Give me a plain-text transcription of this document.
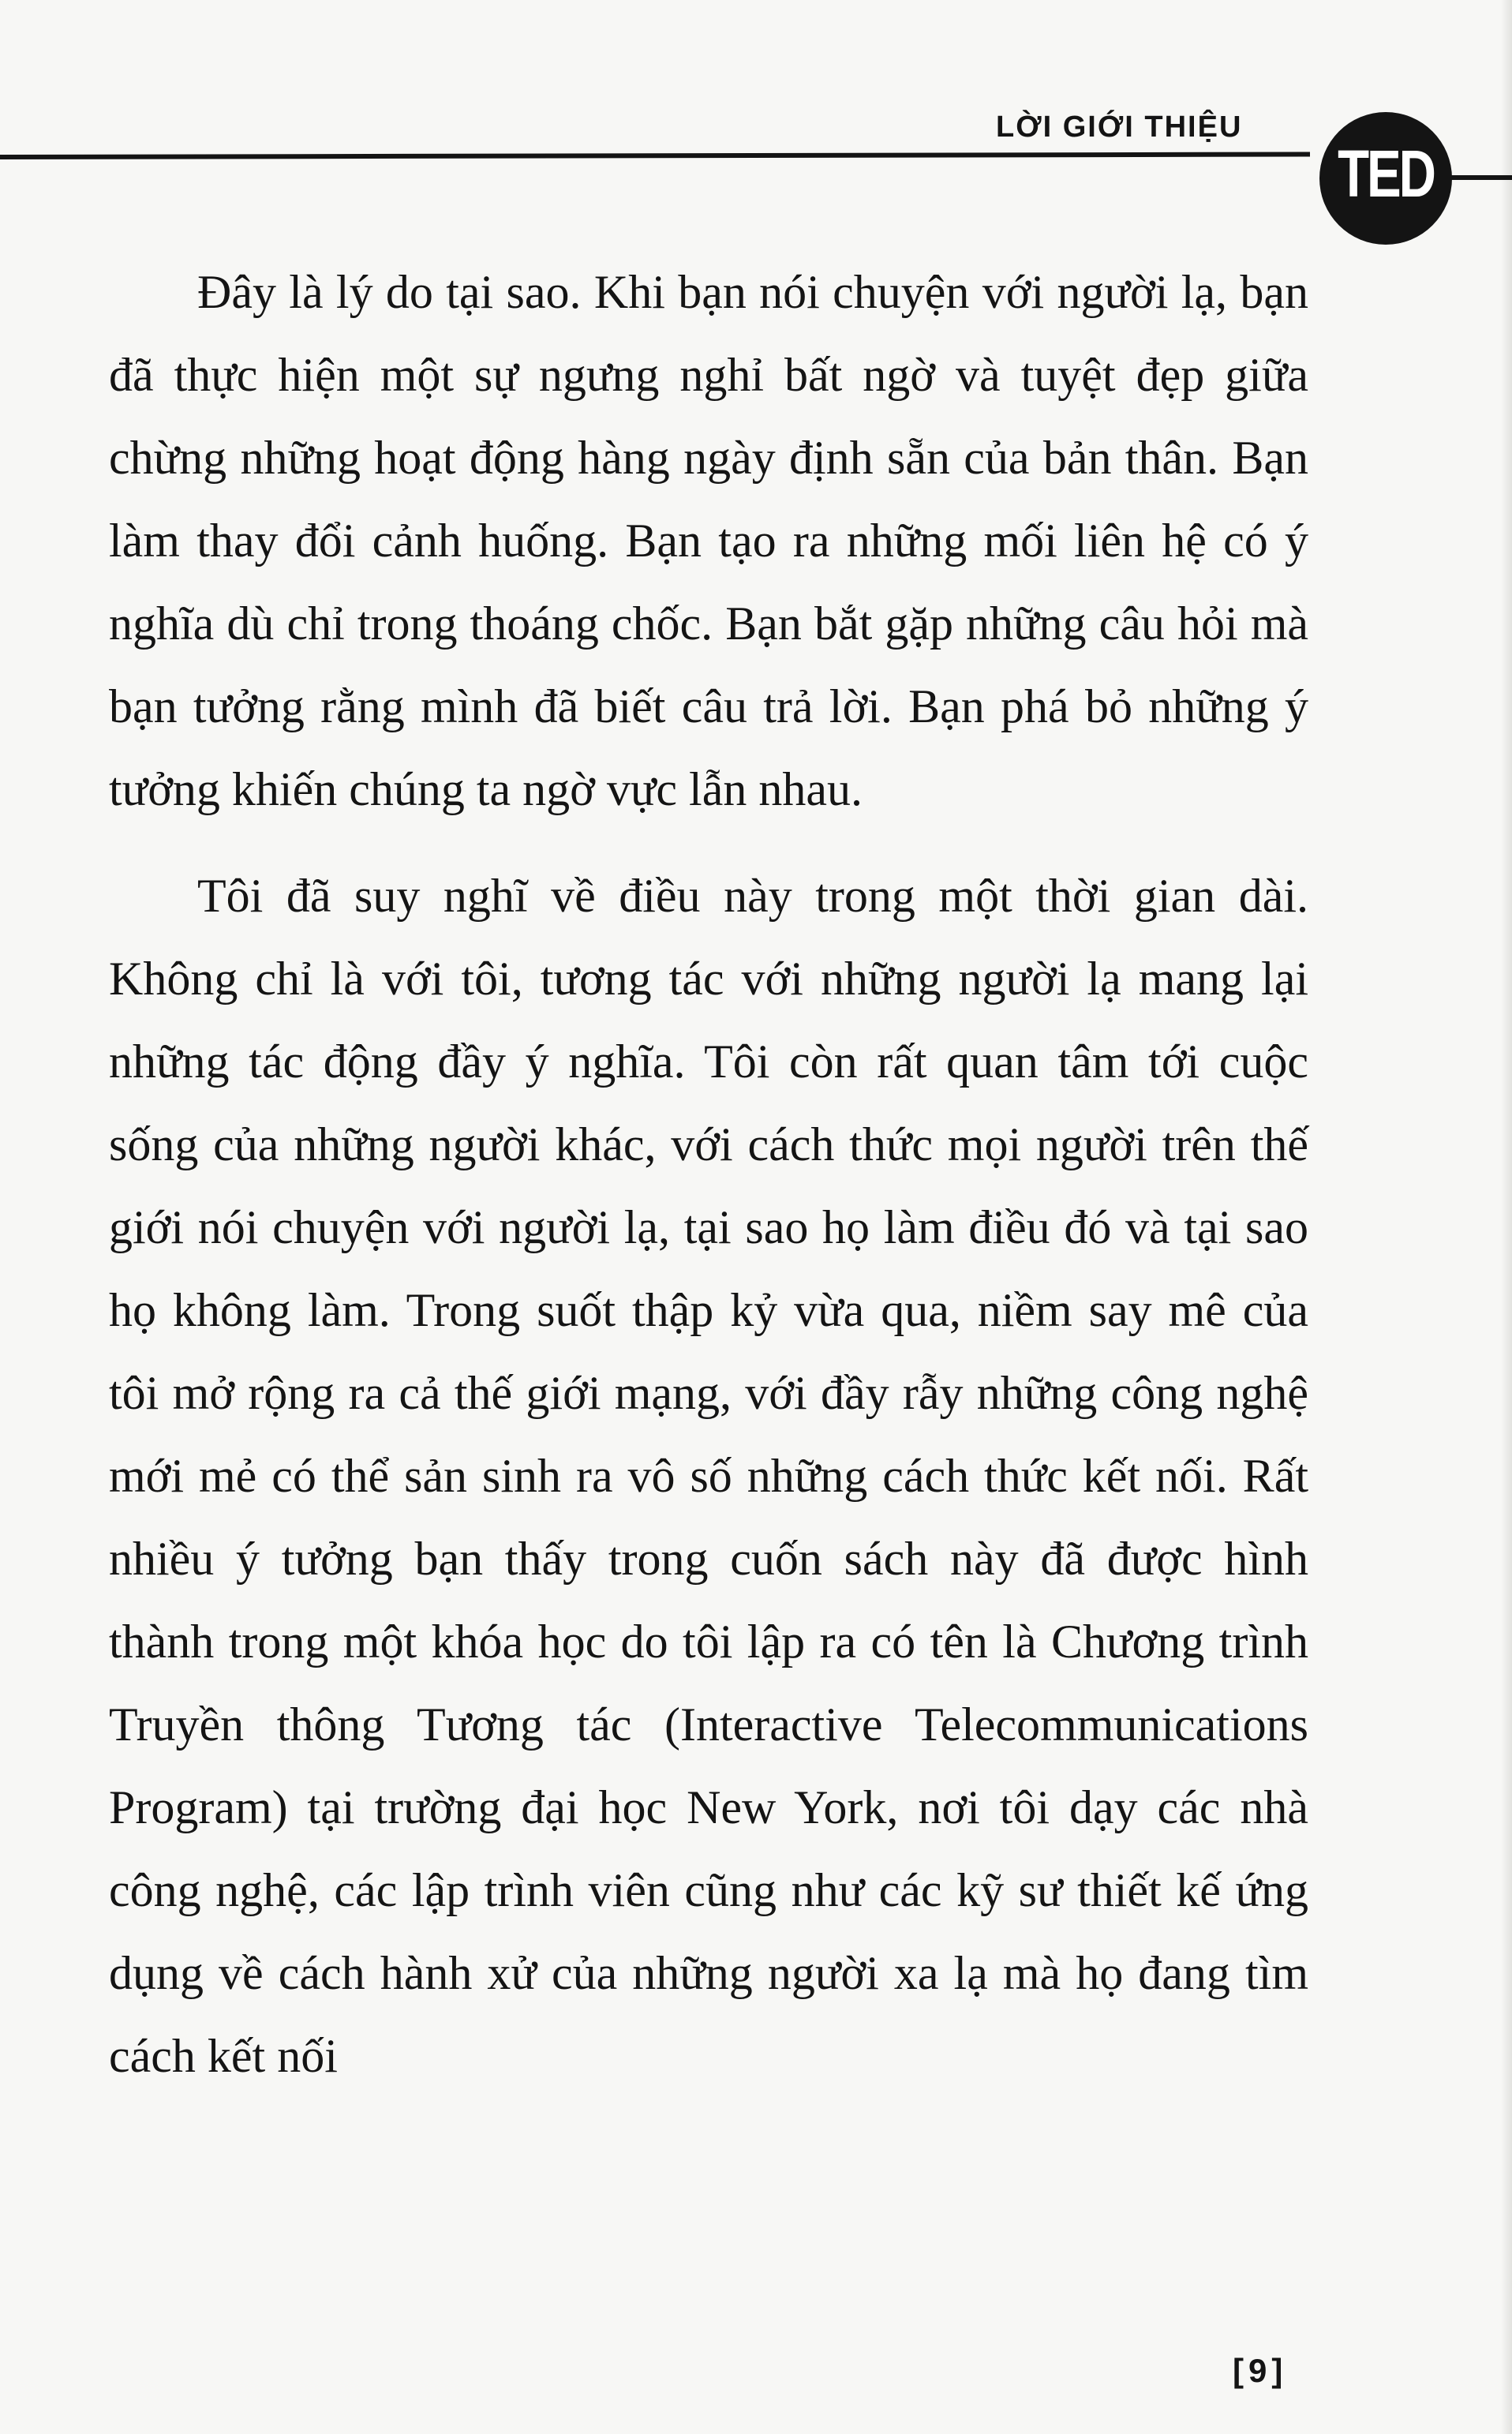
LỜI GIỚI THIỆU
TED

Đây là lý do tại sao. Khi bạn nói chuyện với người lạ, bạn đã thực hiện một sự ngưng nghỉ bất ngờ và tuyệt đẹp giữa chừng những hoạt động hàng ngày định sẵn của bản thân. Bạn làm thay đổi cảnh huống. Bạn tạo ra những mối liên hệ có ý nghĩa dù chỉ trong thoáng chốc. Bạn bắt gặp những câu hỏi mà bạn tưởng rằng mình đã biết câu trả lời. Bạn phá bỏ những ý tưởng khiến chúng ta ngờ vực lẫn nhau.

Tôi đã suy nghĩ về điều này trong một thời gian dài. Không chỉ là với tôi, tương tác với những người lạ mang lại những tác động đầy ý nghĩa. Tôi còn rất quan tâm tới cuộc sống của những người khác, với cách thức mọi người trên thế giới nói chuyện với người lạ, tại sao họ làm điều đó và tại sao họ không làm. Trong suốt thập kỷ vừa qua, niềm say mê của tôi mở rộng ra cả thế giới mạng, với đầy rẫy những công nghệ mới mẻ có thể sản sinh ra vô số những cách thức kết nối. Rất nhiều ý tưởng bạn thấy trong cuốn sách này đã được hình thành trong một khóa học do tôi lập ra có tên là Chương trình Truyền thông Tương tác (Interactive Telecommunications Program) tại trường đại học New York, nơi tôi dạy các nhà công nghệ, các lập trình viên cũng như các kỹ sư thiết kế ứng dụng về cách hành xử của những người xa lạ mà họ đang tìm cách kết nối

[9]
